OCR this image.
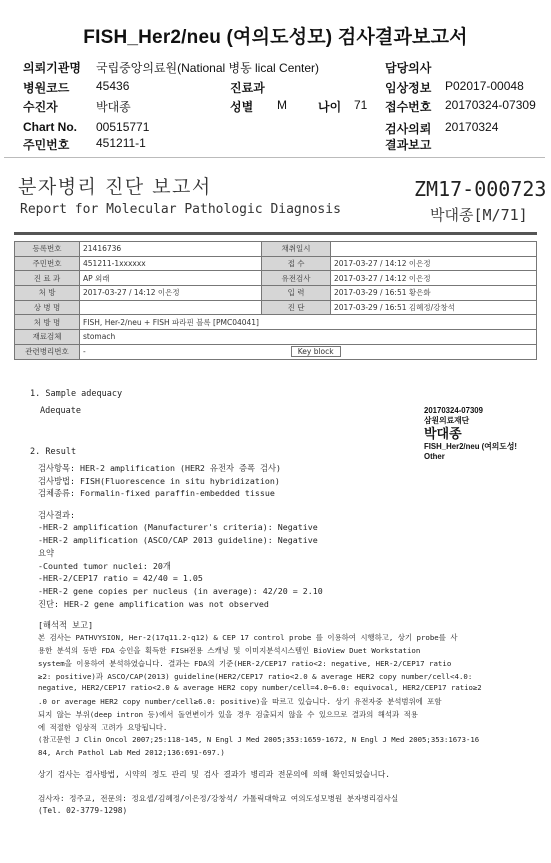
FISH_Her2/neu (여의도성모) 검사결과보고서
의뢰기관명 국립중앙의료원(National 병동 lical Center)	담당의사
병원코드 45436	진료과	임상정보 P02017-00048
수진자	박대종	성별 M	나이 71 접수번호 20170324-07309
Chart No. 00515771	검사의뢰 20170324
주민번호 451211-1	결과보고
분자병리 진단 보고서
Report for Molecular Pathologic Diagnosis
ZM17-000723
박대종[M/71]
등록번호	21416736	채취일시	
주민번호	451211-1xxxxxx	접 수	2017-03-27 / 14:12 이은정
진 료 과	AP 외래	유전검사	2017-03-27 / 14:12 이은정
처 방	2017-03-27 / 14:12 이은정	입 력	2017-03-29 / 16:51 황은화
상 병 명		진 단	2017-03-29 / 16:51 김혜정/강창석
처 방 명	FISH, Her-2/neu + FISH 파라핀 블록 [PMC04041]		
재료검체	stomach		
관련병리번호	- Key block		
1. Sample adequacy
Adequate	20170324-07309
삼원의료재단
박대종
FISH_Her2/neu (여의도성!
Other
2. Result
검사항목: HER-2 amplification (HER2 유전자 증폭 검사)
검사방법: FISH(Fluorescence in situ hybridization)
검체종류: Formalin-fixed paraffin-embedded tissue
검사결과:
-HER-2 amplification (Manufacturer's criteria): Negative
-HER-2 amplification (ASCO/CAP 2013 guideline): Negative
요약
-Counted tumor nuclei: 20개
-HER-2/CEP17 ratio = 42/40 = 1.05
-HER-2 gene copies per nucleus (in average): 42/20 = 2.10
진단: HER-2 gene amplification was not observed
[해석적 보고]
본 검사는 PATHVYSION, Her-2(17q11.2-q12) & CEP 17 control probe 를 이용하여 시행하고, 상기 probe를 사
용한 분석의 동반 FDA 승인을 획득한 FISH전용 스캐닝 및 이미지분석시스템인 BioView Duet Workstation
system을 이용하여 분석하였습니다. 결과는 FDA의 기준(HER-2/CEP17 ratio<2: negative, HER-2/CEP17 ratio
≥2: positive)과 ASCO/CAP(2013) guideline(HER2/CEP17 ratio<2.0 & average HER2 copy number/cell<4.0:
negative, HER2/CEP17 ratio<2.0 & average HER2 copy number/cell=4.0~6.0: equivocal, HER2/CEP17 ratio≥2
.0 or average HER2 copy number/cell≥6.0: positive)을 따르고 있습니다. 상기 유전자중 분석범위에 포함
되지 않는 부위(deep intron 등)에서 돌연변이가 있을 경우 검출되지 않을 수 있으므로 결과의 해석과 적용
에 적절한 임상적 고려가 요망됩니다.
(참고문헌 J Clin Oncol 2007;25:118-145, N Engl J Med 2005;353:1659-1672, N Engl J Med 2005;353:1673-16
84, Arch Pathol Lab Med 2012;136:691-697.)
상기 검사는 검사방법, 시약의 정도 관리 및 검사 결과가 병리과 전문의에 의해 확인되었습니다.
검사자: 정주교, 전문의: 정요셉/김혜정/이은정/강창석/ 가톨릭대학교 여의도성모병원 분자병리검사실
(Tel. 02-3779-1298)
